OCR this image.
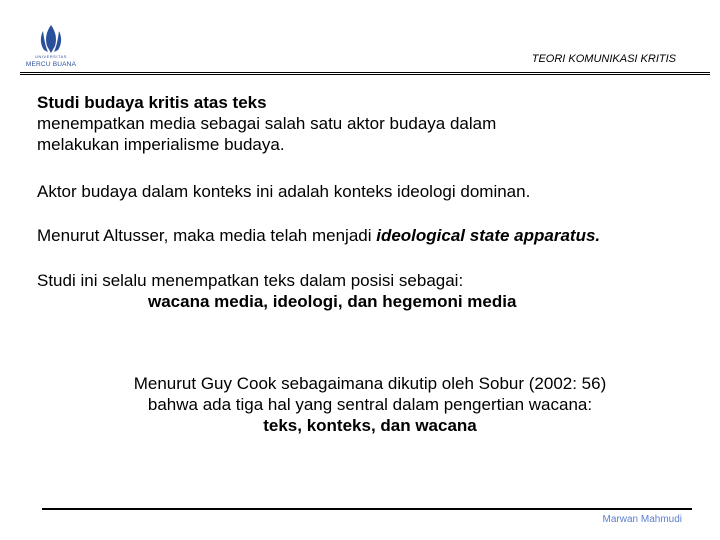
UNIVERSITAS
MERCU BUANA	TEORI KOMUNIKASI KRITIS

Studi budaya kritis atas teks

menempatkan media sebagai salah satu aktor budaya dalam

melakukan imperialisme budaya.

Aktor budaya dalam konteks ini adalah konteks ideologi dominan.

Menurut Altusser, maka media telah menjadi ideological state apparatus.

Studi ini selalu menempatkan teks dalam posisi sebagai:

wacana media, ideologi, dan hegemoni media

Menurut Guy Cook sebagaimana dikutip oleh Sobur (2002: 56)

bahwa ada tiga hal yang sentral dalam pengertian wacana:

teks, konteks, dan wacana

Marwan Mahmudi
